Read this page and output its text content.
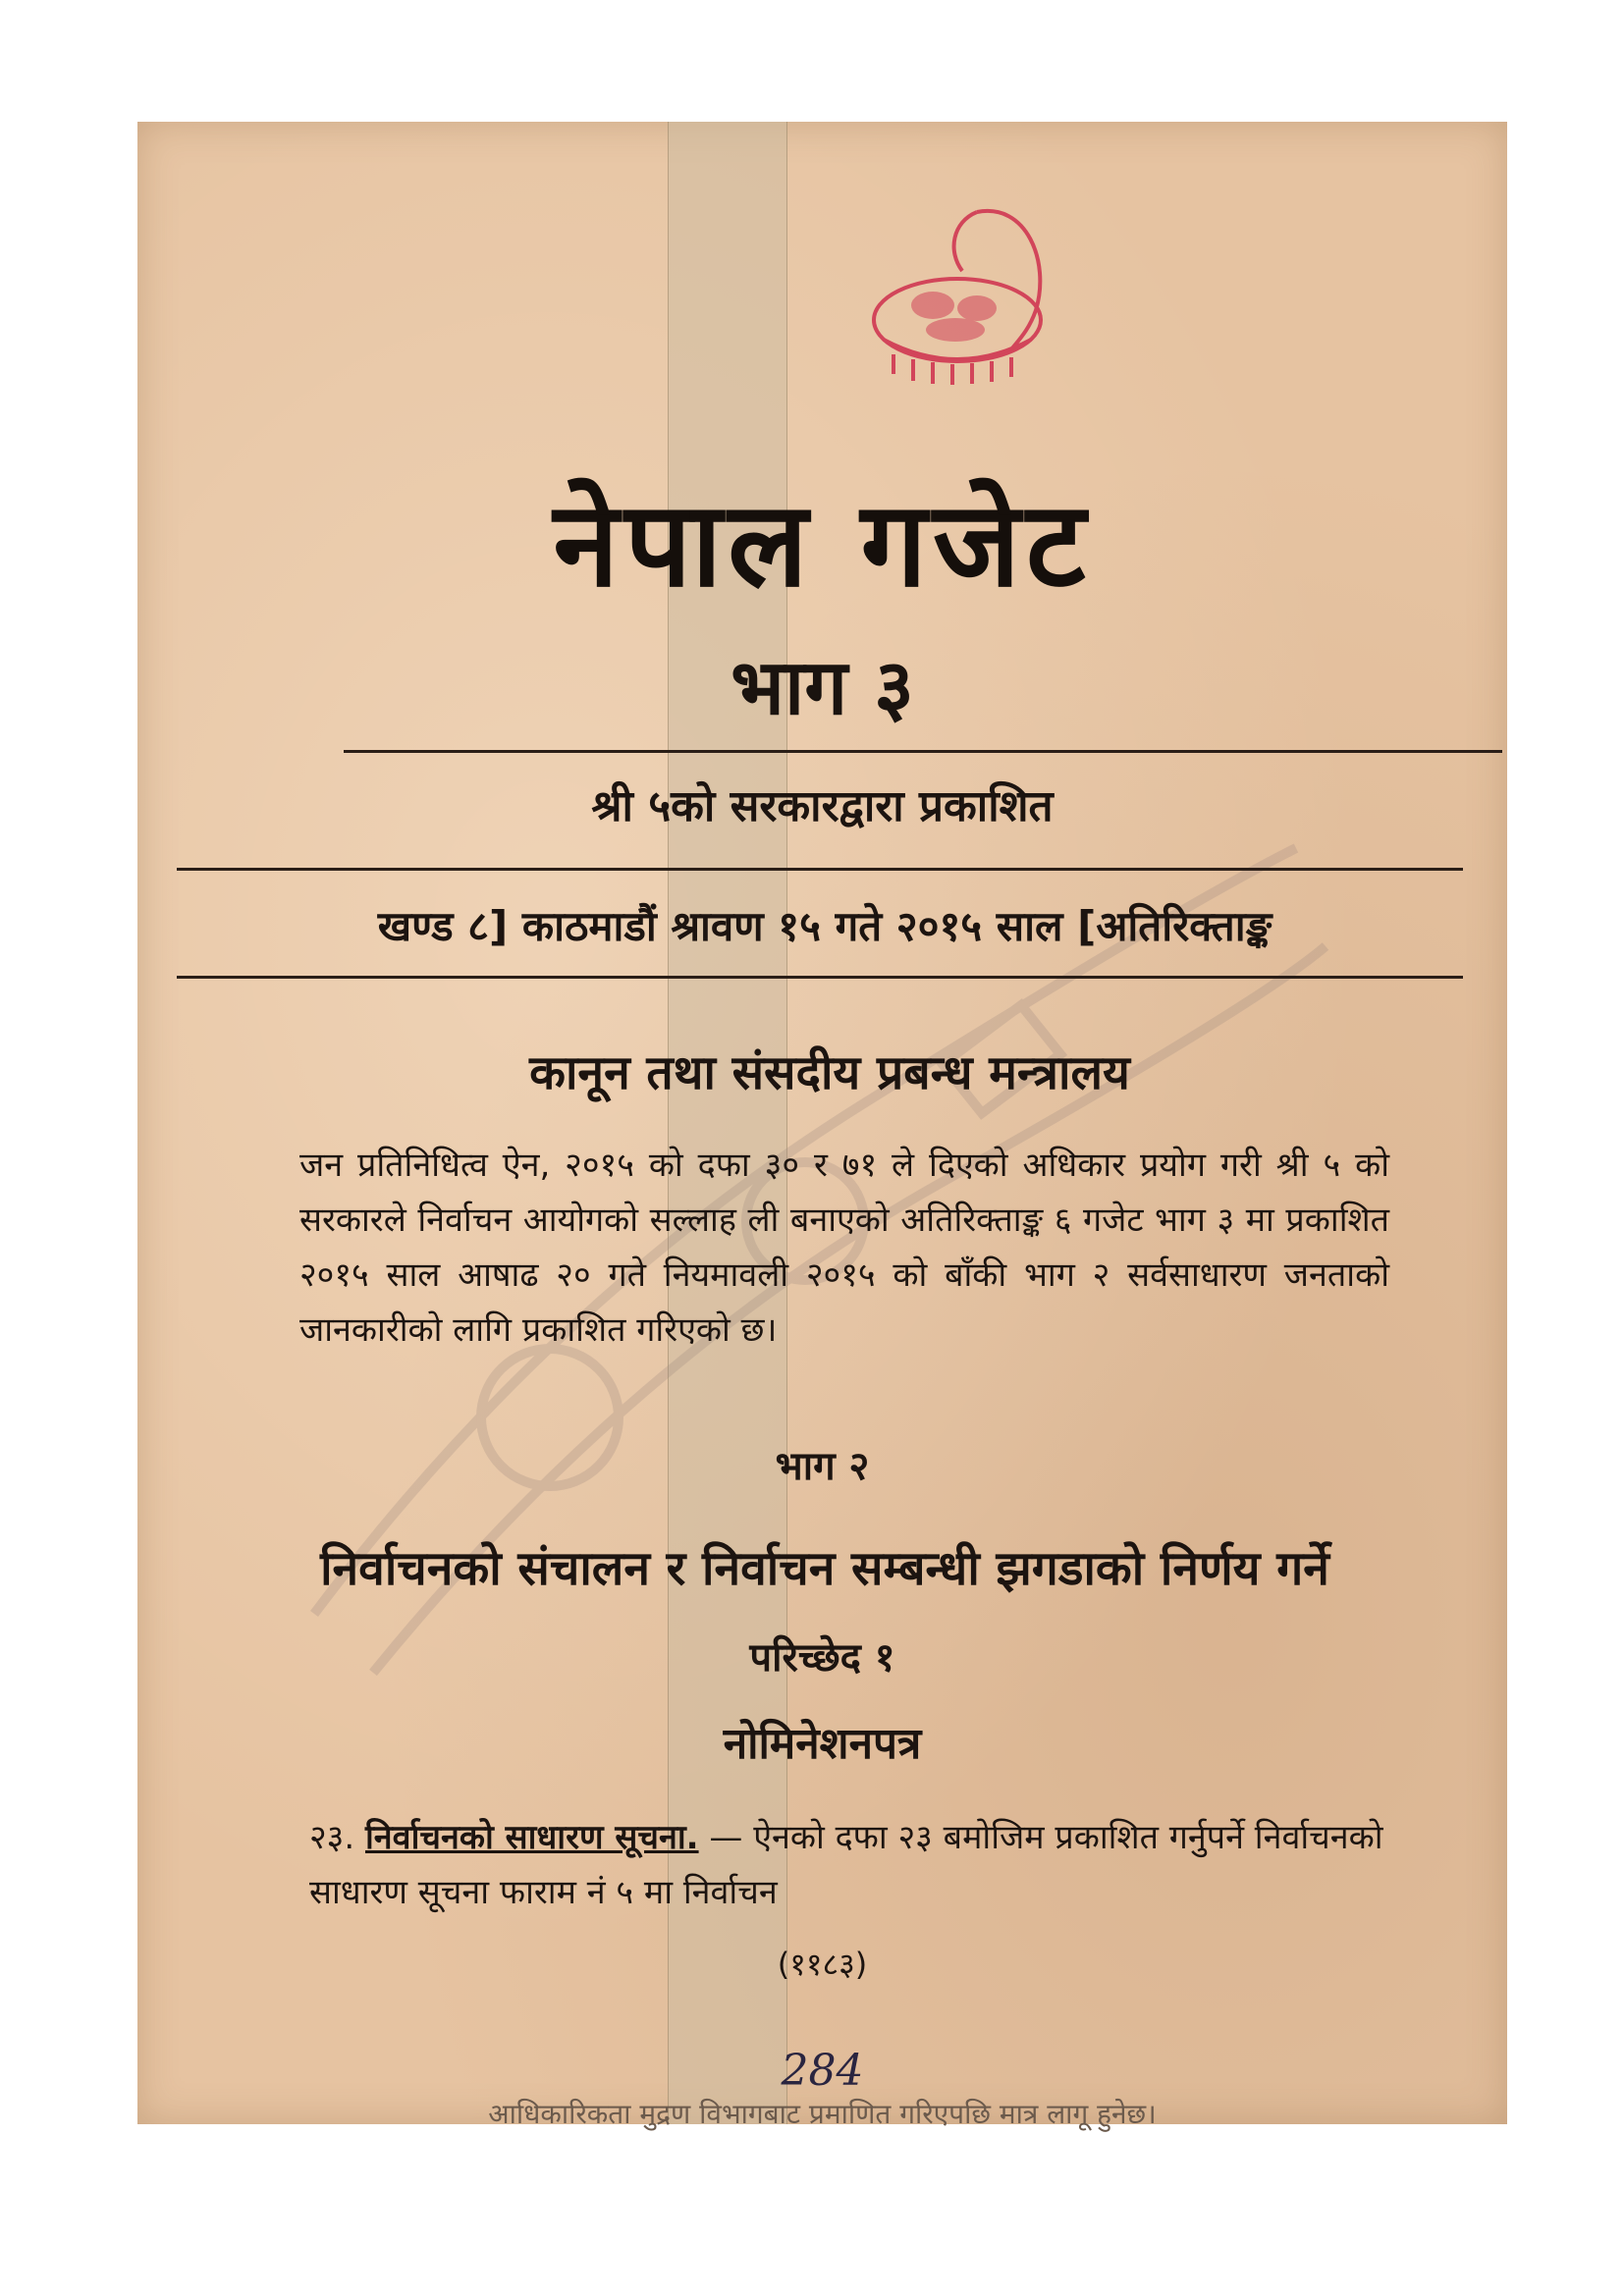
नेपाल गजेट
भाग ३
श्री ५को सरकारद्वारा प्रकाशित
खण्ड ८] काठमाडौं श्रावण १५ गते २०१५ साल [अतिरिक्ताङ्क
कानून तथा संसदीय प्रबन्ध मन्त्रालय
जन प्रतिनिधित्व ऐन, २०१५ को दफा ३० र ७१ ले दिएको अधिकार प्रयोग गरी श्री ५ को सरकारले निर्वाचन आयोगको सल्लाह ली बनाएको अतिरिक्ताङ्क ६ गजेट भाग ३ मा प्रकाशित २०१५ साल आषाढ २० गते नियमावली २०१५ को बाँकी भाग २ सर्वसाधारण जनताको जानकारीको लागि प्रकाशित गरिएको छ।
भाग २
निर्वाचनको संचालन र निर्वाचन सम्बन्धी झगडाको निर्णय गर्ने
परिच्छेद १
नोमिनेशनपत्र
२३. निर्वाचनको साधारण सूचना. — ऐनको दफा २३ बमोजिम प्रकाशित गर्नुपर्ने निर्वाचनको साधारण सूचना फाराम नं ५ मा निर्वाचन
(११८३)
284
आधिकारिकता मुद्रण विभागबाट प्रमाणित गरिएपछि मात्र लागू हुनेछ।
